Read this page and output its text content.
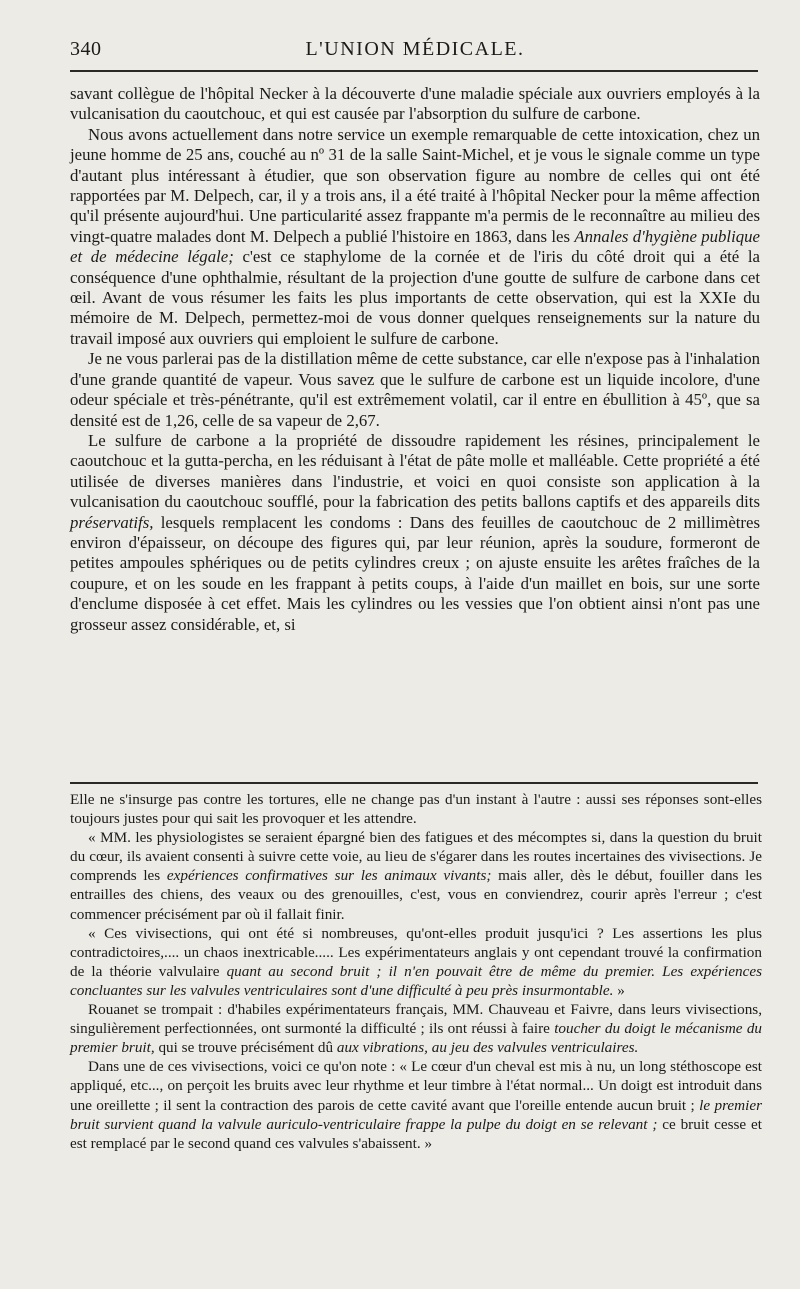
340	L'UNION MÉDICALE.

savant collègue de l'hôpital Necker à la découverte d'une maladie spéciale aux ouvriers employés à la vulcanisation du caoutchouc, et qui est causée par l'absorption du sulfure de carbone.

Nous avons actuellement dans notre service un exemple remarquable de cette intoxication, chez un jeune homme de 25 ans, couché au nº 31 de la salle Saint-Michel, et je vous le signale comme un type d'autant plus intéressant à étudier, que son observation figure au nombre de celles qui ont été rapportées par M. Delpech, car, il y a trois ans, il a été traité à l'hôpital Necker pour la même affection qu'il présente aujourd'hui. Une particularité assez frappante m'a permis de le reconnaître au milieu des vingt-quatre malades dont M. Delpech a publié l'histoire en 1863, dans les Annales d'hygiène publique et de médecine légale; c'est ce staphylome de la cornée et de l'iris du côté droit qui a été la conséquence d'une ophthalmie, résultant de la projection d'une goutte de sulfure de carbone dans cet œil. Avant de vous résumer les faits les plus importants de cette observation, qui est la XXIe du mémoire de M. Delpech, permettez-moi de vous donner quelques renseignements sur la nature du travail imposé aux ouvriers qui emploient le sulfure de carbone.

Je ne vous parlerai pas de la distillation même de cette substance, car elle n'expose pas à l'inhalation d'une grande quantité de vapeur. Vous savez que le sulfure de carbone est un liquide incolore, d'une odeur spéciale et très-pénétrante, qu'il est extrêmement volatil, car il entre en ébullition à 45º, que sa densité est de 1,26, celle de sa vapeur de 2,67.

Le sulfure de carbone a la propriété de dissoudre rapidement les résines, principalement le caoutchouc et la gutta-percha, en les réduisant à l'état de pâte molle et malléable. Cette propriété a été utilisée de diverses manières dans l'industrie, et voici en quoi consiste son application à la vulcanisation du caoutchouc soufflé, pour la fabrication des petits ballons captifs et des appareils dits préservatifs, lesquels remplacent les condoms : Dans des feuilles de caoutchouc de 2 millimètres environ d'épaisseur, on découpe des figures qui, par leur réunion, après la soudure, formeront de petites ampoules sphériques ou de petits cylindres creux ; on ajuste ensuite les arêtes fraîches de la coupure, et on les soude en les frappant à petits coups, à l'aide d'un maillet en bois, sur une sorte d'enclume disposée à cet effet. Mais les cylindres ou les vessies que l'on obtient ainsi n'ont pas une grosseur assez considérable, et, si

Elle ne s'insurge pas contre les tortures, elle ne change pas d'un instant à l'autre : aussi ses réponses sont-elles toujours justes pour qui sait les provoquer et les attendre.

« MM. les physiologistes se seraient épargné bien des fatigues et des mécomptes si, dans la question du bruit du cœur, ils avaient consenti à suivre cette voie, au lieu de s'égarer dans les routes incertaines des vivisections. Je comprends les expériences confirmatives sur les animaux vivants; mais aller, dès le début, fouiller dans les entrailles des chiens, des veaux ou des grenouilles, c'est, vous en conviendrez, courir après l'erreur ; c'est commencer précisément par où il fallait finir.

« Ces vivisections, qui ont été si nombreuses, qu'ont-elles produit jusqu'ici ? Les assertions les plus contradictoires,.... un chaos inextricable..... Les expérimentateurs anglais y ont cependant trouvé la confirmation de la théorie valvulaire quant au second bruit ; il n'en pouvait être de même du premier. Les expériences concluantes sur les valvules ventriculaires sont d'une difficulté à peu près insurmontable. »

Rouanet se trompait : d'habiles expérimentateurs français, MM. Chauveau et Faivre, dans leurs vivisections, singulièrement perfectionnées, ont surmonté la difficulté ; ils ont réussi à faire toucher du doigt le mécanisme du premier bruit, qui se trouve précisément dû aux vibrations, au jeu des valvules ventriculaires.

Dans une de ces vivisections, voici ce qu'on note : « Le cœur d'un cheval est mis à nu, un long stéthoscope est appliqué, etc..., on perçoit les bruits avec leur rhythme et leur timbre à l'état normal... Un doigt est introduit dans une oreillette ; il sent la contraction des parois de cette cavité avant que l'oreille entende aucun bruit ; le premier bruit survient quand la valvule auriculo-ventriculaire frappe la pulpe du doigt en se relevant ; ce bruit cesse et est remplacé par le second quand ces valvules s'abaissent. »
